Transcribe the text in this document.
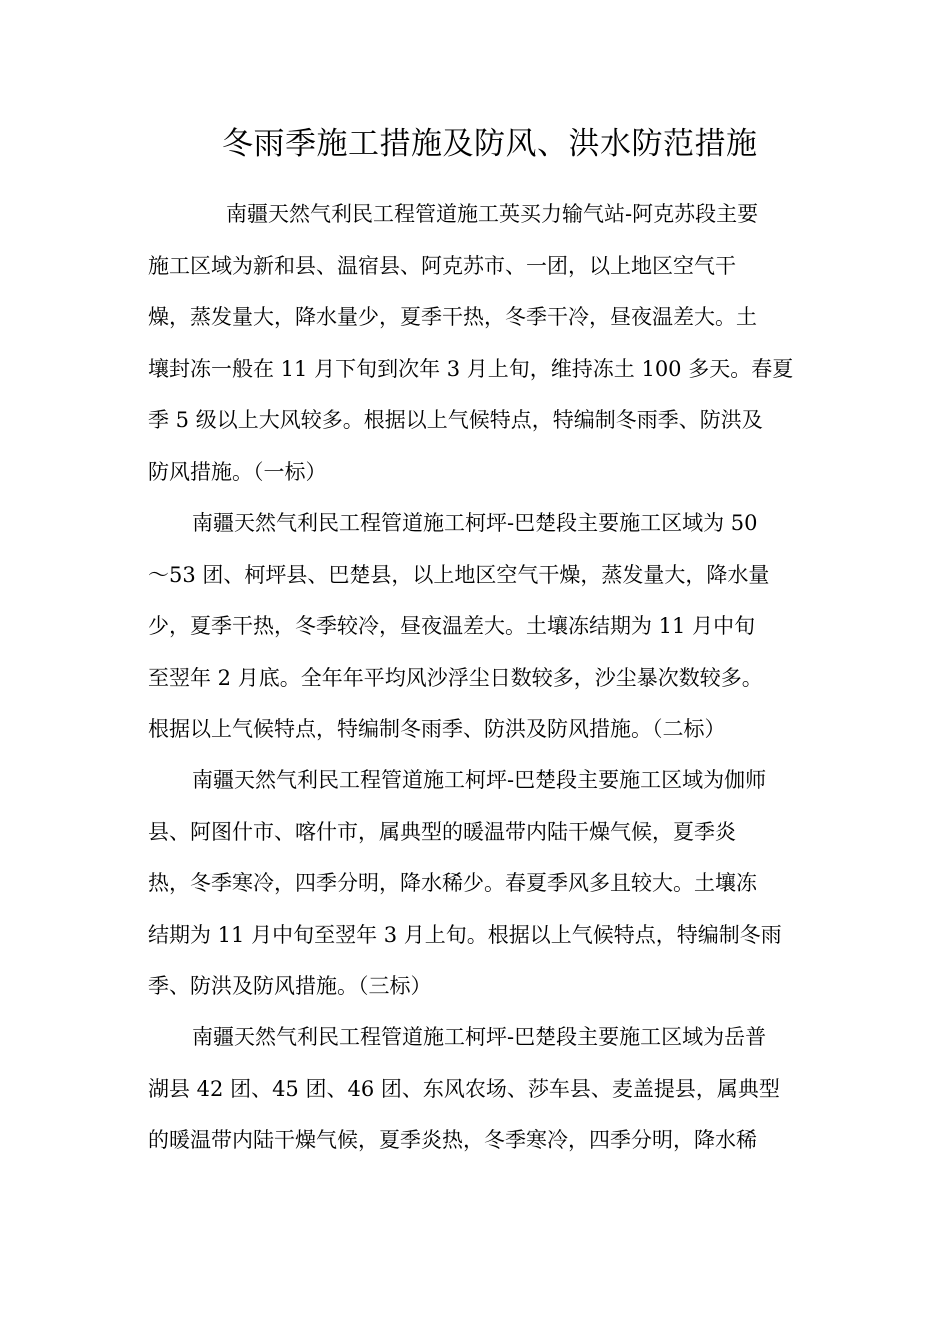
冬雨季施工措施及防风、洪水防范措施
南疆天然气利民工程管道施工英买力输气站-阿克苏段主要
施工区域为新和县、温宿县、阿克苏市、一团，以上地区空气干
燥，蒸发量大，降水量少，夏季干热，冬季干冷，昼夜温差大。土
壤封冻一般在 11 月下旬到次年 3 月上旬，维持冻土 100 多天。春夏
季 5 级以上大风较多。根据以上气候特点，特编制冬雨季、防洪及
防风措施。（一标）
南疆天然气利民工程管道施工柯坪-巴楚段主要施工区域为 50
～53 团、柯坪县、巴楚县，以上地区空气干燥，蒸发量大，降水量
少，夏季干热，冬季较冷，昼夜温差大。土壤冻结期为 11 月中旬
至翌年 2 月底。全年年平均风沙浮尘日数较多，沙尘暴次数较多。
根据以上气候特点，特编制冬雨季、防洪及防风措施。（二标）
南疆天然气利民工程管道施工柯坪-巴楚段主要施工区域为伽师
县、阿图什市、喀什市，属典型的暖温带内陆干燥气候，夏季炎
热，冬季寒冷，四季分明，降水稀少。春夏季风多且较大。土壤冻
结期为 11 月中旬至翌年 3 月上旬。根据以上气候特点，特编制冬雨
季、防洪及防风措施。（三标）
南疆天然气利民工程管道施工柯坪-巴楚段主要施工区域为岳普
湖县 42 团、45 团、46 团、东风农场、莎车县、麦盖提县，属典型
的暖温带内陆干燥气候，夏季炎热，冬季寒冷，四季分明，降水稀
